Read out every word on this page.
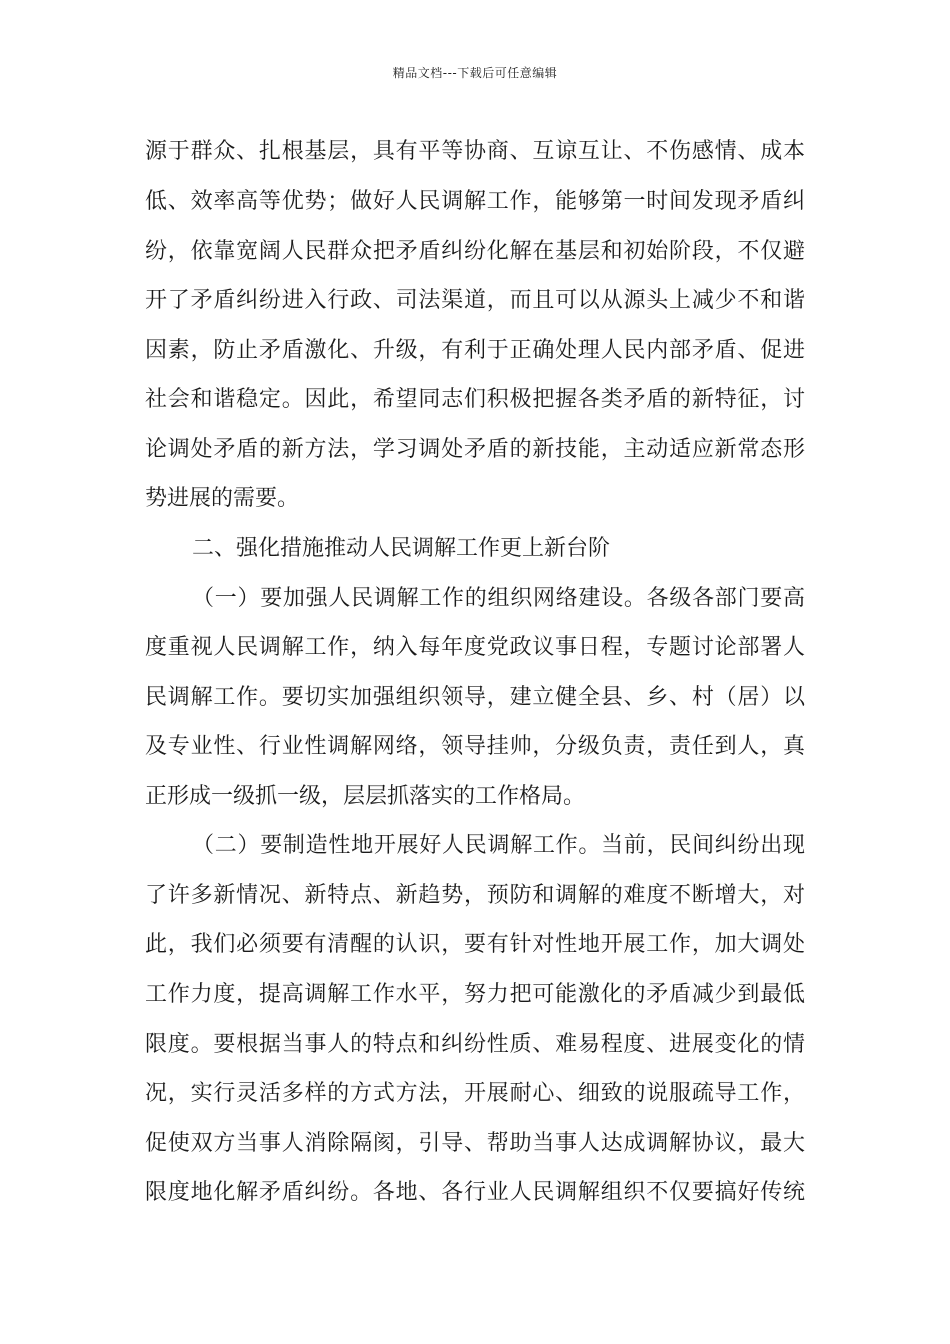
精品文档---下载后可任意编辑
源于群众、扎根基层，具有平等协商、互谅互让、不伤感情、成本
低、效率高等优势；做好人民调解工作，能够第一时间发现矛盾纠
纷，依靠宽阔人民群众把矛盾纠纷化解在基层和初始阶段，不仅避
开了矛盾纠纷进入行政、司法渠道，而且可以从源头上减少不和谐
因素，防止矛盾激化、升级，有利于正确处理人民内部矛盾、促进
社会和谐稳定。因此，希望同志们积极把握各类矛盾的新特征，讨
论调处矛盾的新方法，学习调处矛盾的新技能，主动适应新常态形
势进展的需要。
二、强化措施推动人民调解工作更上新台阶
（一）要加强人民调解工作的组织网络建设。各级各部门要高
度重视人民调解工作，纳入每年度党政议事日程，专题讨论部署人
民调解工作。要切实加强组织领导，建立健全县、乡、村（居）以
及专业性、行业性调解网络，领导挂帅，分级负责，责任到人，真
正形成一级抓一级，层层抓落实的工作格局。
（二）要制造性地开展好人民调解工作。当前，民间纠纷出现
了许多新情况、新特点、新趋势，预防和调解的难度不断增大，对
此，我们必须要有清醒的认识，要有针对性地开展工作，加大调处
工作力度，提高调解工作水平，努力把可能激化的矛盾减少到最低
限度。要根据当事人的特点和纠纷性质、难易程度、进展变化的情
况，实行灵活多样的方式方法，开展耐心、细致的说服疏导工作，
促使双方当事人消除隔阂，引导、帮助当事人达成调解协议，最大
限度地化解矛盾纠纷。各地、各行业人民调解组织不仅要搞好传统
